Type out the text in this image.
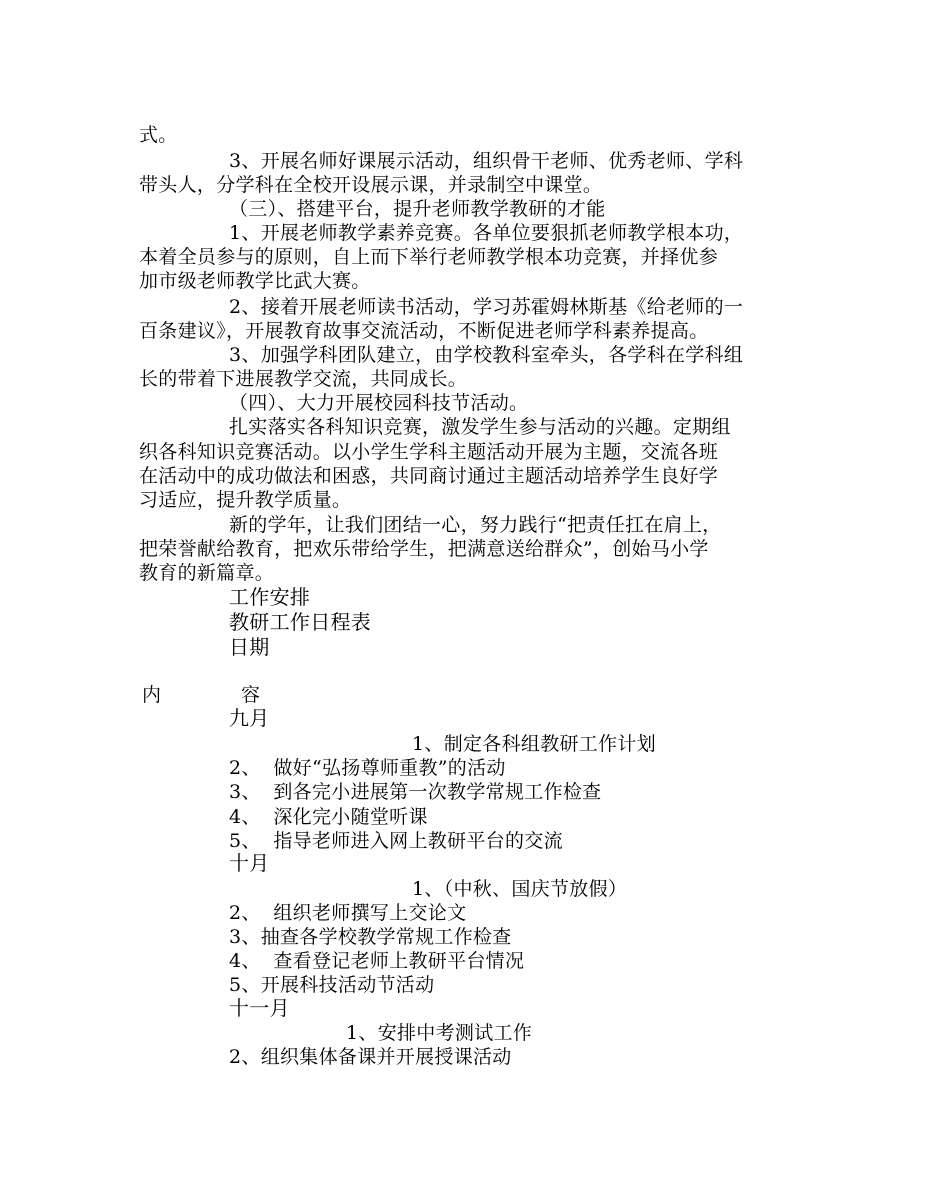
式。
3、开展名师好课展示活动，组织骨干老师、优秀老师、学科
带头人，分学科在全校开设展示课，并录制空中课堂。
（三）、搭建平台，提升老师教学教研的才能
1、开展老师教学素养竞赛。各单位要狠抓老师教学根本功，
本着全员参与的原则，自上而下举行老师教学根本功竞赛，并择优参
加市级老师教学比武大赛。
2、接着开展老师读书活动，学习苏霍姆林斯基《给老师的一
百条建议》，开展教育故事交流活动，不断促进老师学科素养提高。
3、加强学科团队建立，由学校教科室牵头，各学科在学科组
长的带着下进展教学交流，共同成长。
（四）、大力开展校园科技节活动。
扎实落实各科知识竞赛，激发学生参与活动的兴趣。定期组
织各科知识竞赛活动。以小学生学科主题活动开展为主题，交流各班
在活动中的成功做法和困惑，共同商讨通过主题活动培养学生良好学
习适应，提升教学质量。
新的学年，让我们团结一心，努力践行“把责任扛在肩上，
把荣誉献给教育，把欢乐带给学生，把满意送给群众”，创始马小学
教育的新篇章。
工作安排
教研工作日程表
日期
内	容
九月
1、制定各科组教研工作计划
2、  做好“弘扬尊师重教”的活动
3、  到各完小进展第一次教学常规工作检查
4、  深化完小随堂听课
5、  指导老师进入网上教研平台的交流
十月
1、（中秋、国庆节放假）
2、  组织老师撰写上交论文
3、抽查各学校教学常规工作检查
4、  查看登记老师上教研平台情况
5、开展科技活动节活动
十一月
1、安排中考测试工作
2、组织集体备课并开展授课活动
